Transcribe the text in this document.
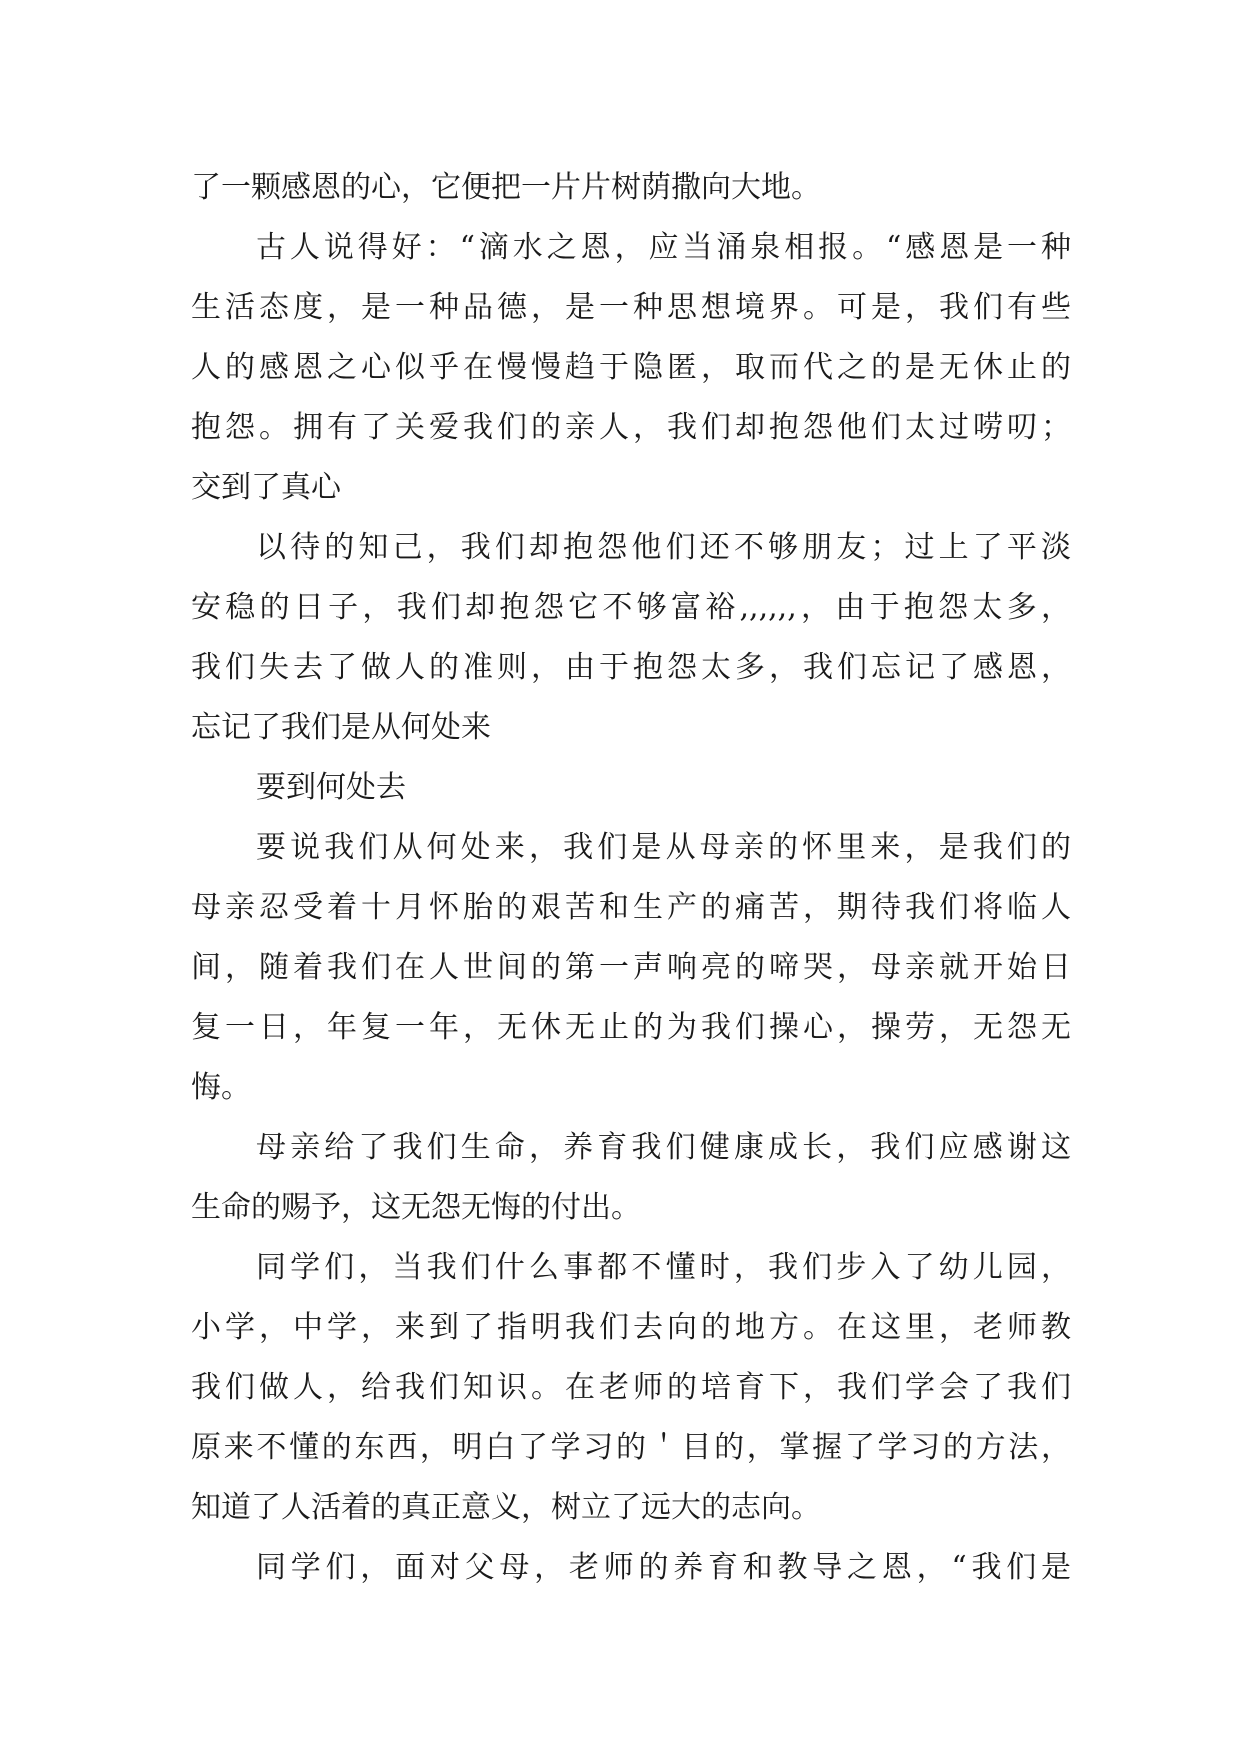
了一颗感恩的心，它便把一片片树荫撒向大地。
古人说得好：“滴水之恩，应当涌泉相报。“感恩是一种
生活态度，是一种品德，是一种思想境界。可是，我们有些
人的感恩之心似乎在慢慢趋于隐匿，取而代之的是无休止的
抱怨。拥有了关爱我们的亲人，我们却抱怨他们太过唠叨；
交到了真心
以待的知己，我们却抱怨他们还不够朋友；过上了平淡
安稳的日子，我们却抱怨它不够富裕,,,,,,，由于抱怨太多，
我们失去了做人的准则，由于抱怨太多，我们忘记了感恩，
忘记了我们是从何处来
要到何处去
要说我们从何处来，我们是从母亲的怀里来，是我们的
母亲忍受着十月怀胎的艰苦和生产的痛苦，期待我们将临人
间，随着我们在人世间的第一声响亮的啼哭，母亲就开始日
复一日，年复一年，无休无止的为我们操心，操劳，无怨无
悔。
母亲给了我们生命，养育我们健康成长，我们应感谢这
生命的赐予，这无怨无悔的付出。
同学们，当我们什么事都不懂时，我们步入了幼儿园，
小学，中学，来到了指明我们去向的地方。在这里，老师教
我们做人，给我们知识。在老师的培育下，我们学会了我们
原来不懂的东西，明白了学习的＇目的，掌握了学习的方法，
知道了人活着的真正意义，树立了远大的志向。
同学们，面对父母，老师的养育和教导之恩，“我们是
